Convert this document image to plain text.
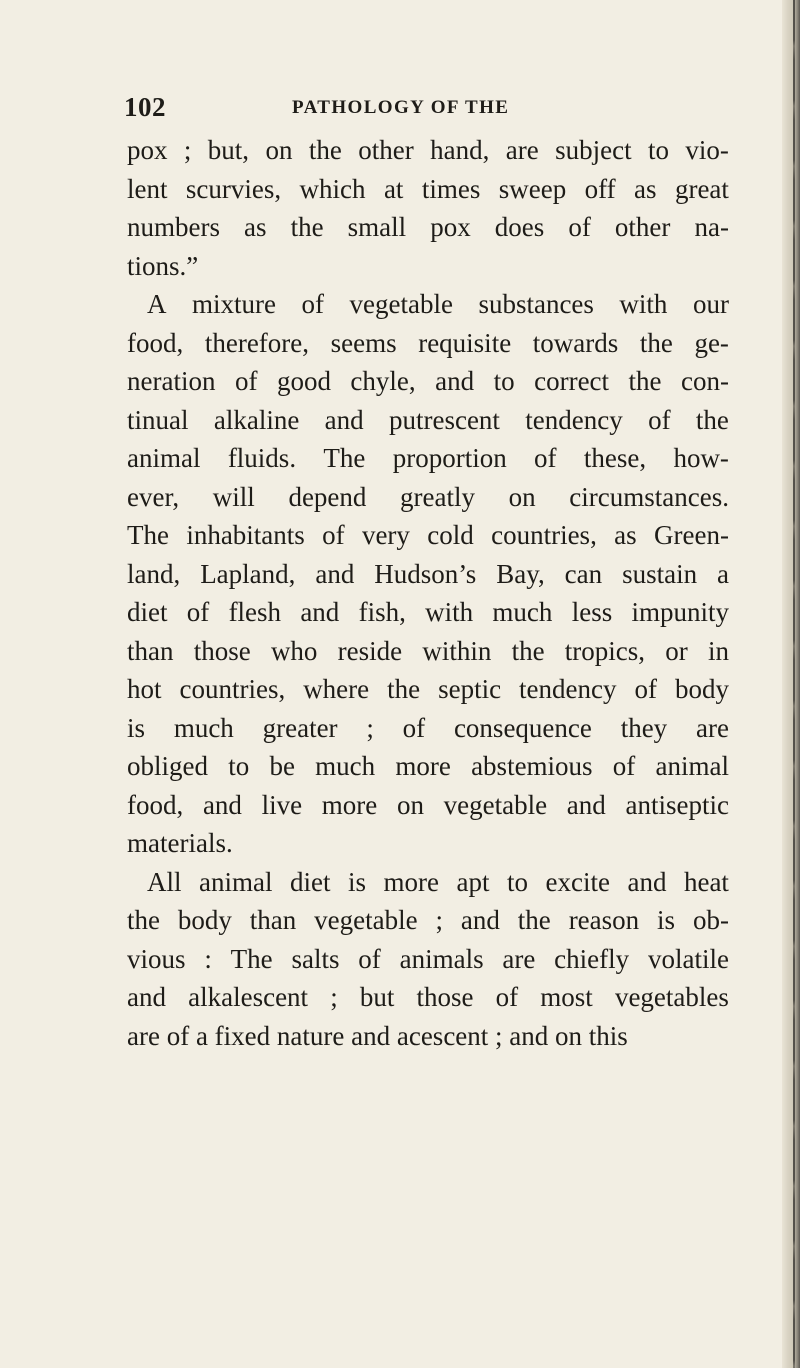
102	PATHOLOGY OF THE
pox ; but, on the other hand, are subject to vio-
lent scurvies, which at times sweep off as great
numbers as the small pox does of other na-
tions.”
A mixture of vegetable substances with our
food, therefore, seems requisite towards the ge-
neration of good chyle, and to correct the con-
tinual alkaline and putrescent tendency of the
animal fluids. The proportion of these, how-
ever, will depend greatly on circumstances.
The inhabitants of very cold countries, as Green-
land, Lapland, and Hudson’s Bay, can sustain a
diet of flesh and fish, with much less impunity
than those who reside within the tropics, or in
hot countries, where the septic tendency of body
is much greater ; of consequence they are
obliged to be much more abstemious of animal
food, and live more on vegetable and antiseptic
materials.
All animal diet is more apt to excite and heat
the body than vegetable ; and the reason is ob-
vious : The salts of animals are chiefly volatile
and alkalescent ; but those of most vegetables
are of a fixed nature and acescent ; and on this
